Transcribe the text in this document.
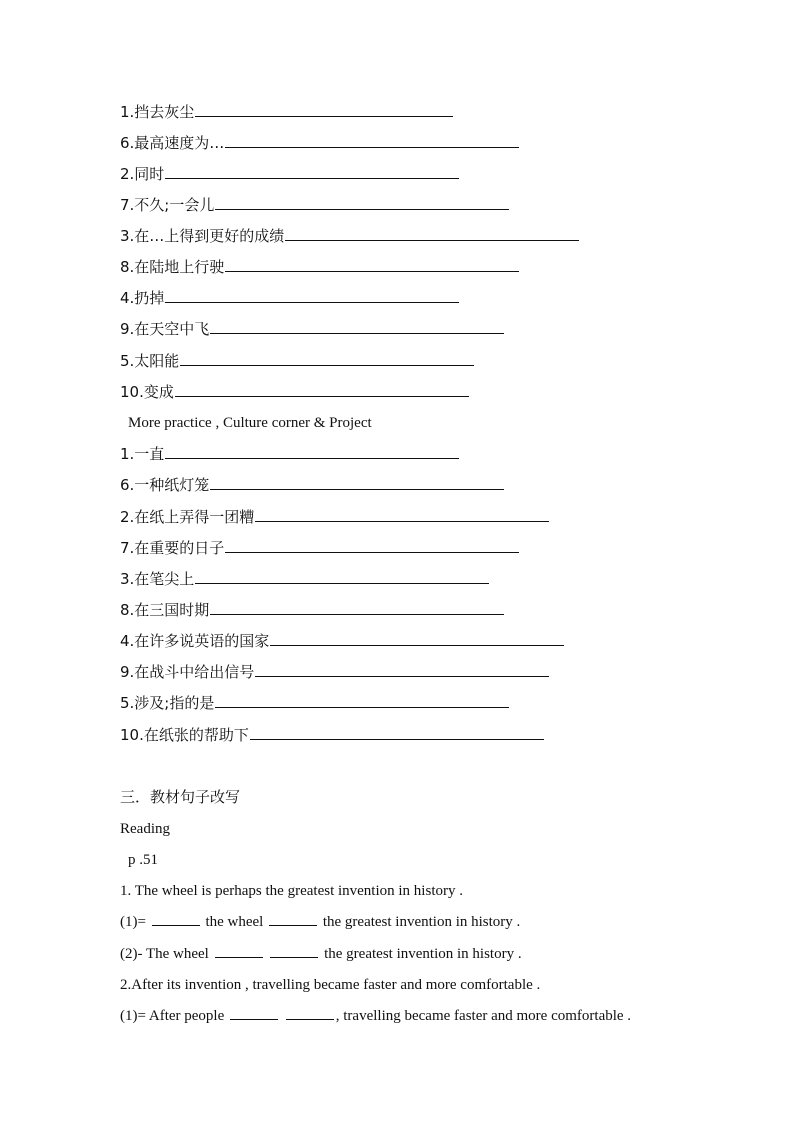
1.挡去灰尘
6.最高速度为…
2.同时
7.不久;一会儿
3.在…上得到更好的成绩
8.在陆地上行驶
4.扔掉
9.在天空中飞
5.太阳能
10.变成
More practice , Culture corner & Project
1.一直
6.一种纸灯笼
2.在纸上弄得一团糟
7.在重要的日子
3.在笔尖上
8.在三国时期
4.在许多说英语的国家
9.在战斗中给出信号
5.涉及;指的是
10.在纸张的帮助下
三．教材句子改写
Reading
p .51
1. The wheel is perhaps the greatest invention in history .
(1)=	the wheel	the greatest invention in history .
(2)- The wheel	the greatest invention in history .
2.After its invention , travelling became faster and more comfortable .
(1)= After people	, travelling became faster and more comfortable .
